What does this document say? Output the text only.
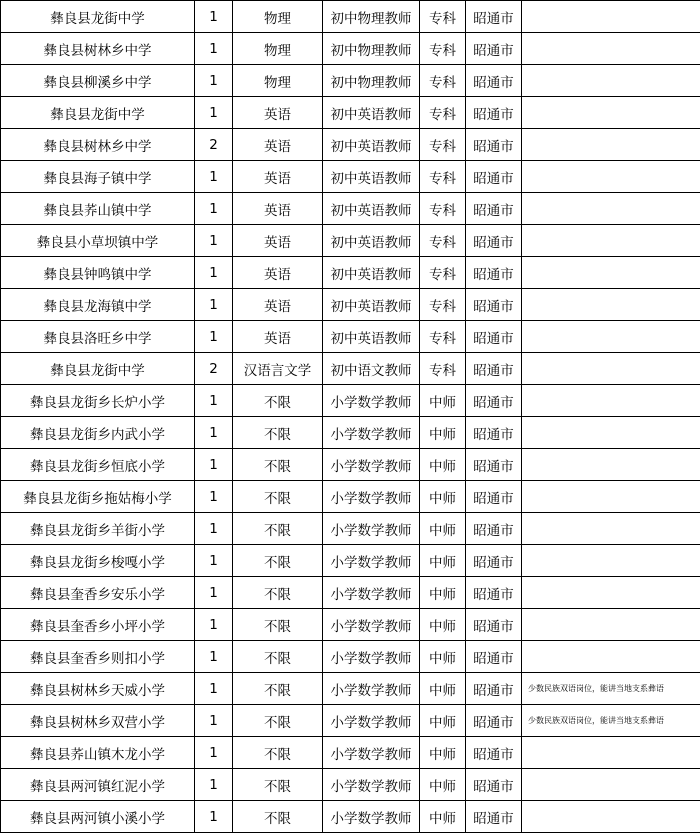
彝良县龙街中学	1	物理	初中物理教师	专科	昭通市	
彝良县树林乡中学	1	物理	初中物理教师	专科	昭通市	
彝良县柳溪乡中学	1	物理	初中物理教师	专科	昭通市	
彝良县龙街中学	1	英语	初中英语教师	专科	昭通市	
彝良县树林乡中学	2	英语	初中英语教师	专科	昭通市	
彝良县海子镇中学	1	英语	初中英语教师	专科	昭通市	
彝良县荞山镇中学	1	英语	初中英语教师	专科	昭通市	
彝良县小草坝镇中学	1	英语	初中英语教师	专科	昭通市	
彝良县钟鸣镇中学	1	英语	初中英语教师	专科	昭通市	
彝良县龙海镇中学	1	英语	初中英语教师	专科	昭通市	
彝良县洛旺乡中学	1	英语	初中英语教师	专科	昭通市	
彝良县龙街中学	2	汉语言文学	初中语文教师	专科	昭通市	
彝良县龙街乡长炉小学	1	不限	小学数学教师	中师	昭通市	
彝良县龙街乡内武小学	1	不限	小学数学教师	中师	昭通市	
彝良县龙街乡恒底小学	1	不限	小学数学教师	中师	昭通市	
彝良县龙街乡拖姑梅小学	1	不限	小学数学教师	中师	昭通市	
彝良县龙街乡羊街小学	1	不限	小学数学教师	中师	昭通市	
彝良县龙街乡梭嘎小学	1	不限	小学数学教师	中师	昭通市	
彝良县奎香乡安乐小学	1	不限	小学数学教师	中师	昭通市	
彝良县奎香乡小坪小学	1	不限	小学数学教师	中师	昭通市	
彝良县奎香乡则扣小学	1	不限	小学数学教师	中师	昭通市	
彝良县树林乡天威小学	1	不限	小学数学教师	中师	昭通市	少数民族双语岗位，能讲当地支系彝语
彝良县树林乡双营小学	1	不限	小学数学教师	中师	昭通市	少数民族双语岗位，能讲当地支系彝语
彝良县荞山镇木龙小学	1	不限	小学数学教师	中师	昭通市	
彝良县两河镇红泥小学	1	不限	小学数学教师	中师	昭通市	
彝良县两河镇小溪小学	1	不限	小学数学教师	中师	昭通市	
